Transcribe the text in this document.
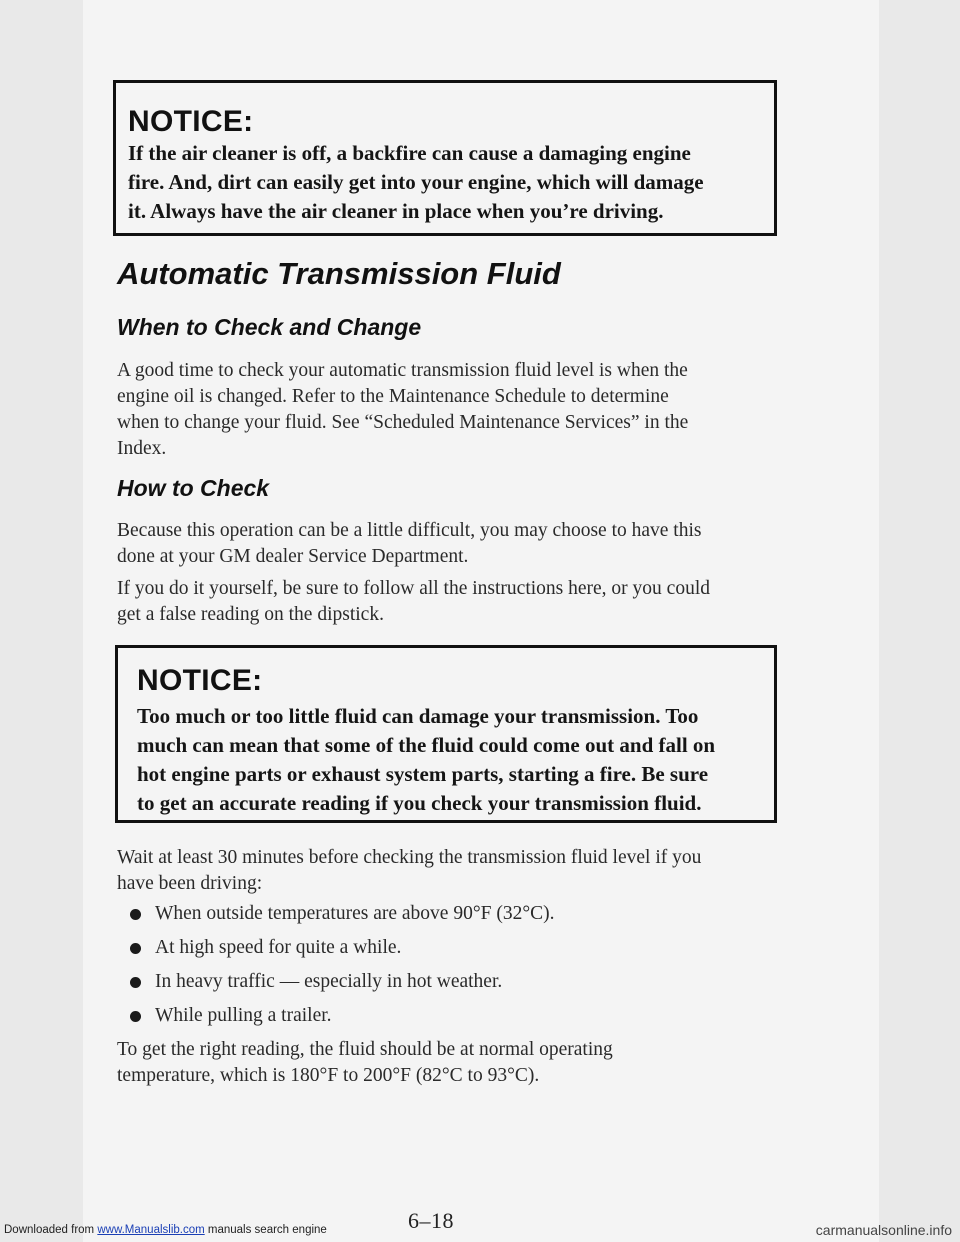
NOTICE:
If the air cleaner is off, a backfire can cause a damaging engine
fire. And, dirt can easily get into your engine, which will damage
it. Always have the air cleaner in place when you’re driving.
Automatic Transmission Fluid
When to Check and Change
A good time to check your automatic transmission fluid level is when the
engine oil is changed. Refer to the Maintenance Schedule to determine
when to change your fluid. See “Scheduled Maintenance Services” in the
Index.
How to Check
Because this operation can be a little difficult, you may choose to have this
done at your GM dealer Service Department.
If you do it yourself, be sure to follow all the instructions here, or you could
get a false reading on the dipstick.
NOTICE:
Too much or too little fluid can damage your transmission. Too
much can mean that some of the fluid could come out and fall on
hot engine parts or exhaust system parts, starting a fire. Be sure
to get an accurate reading if you check your transmission fluid.
Wait at least 30 minutes before checking the transmission fluid level if you
have been driving:
When outside temperatures are above 90°F (32°C).
At high speed for quite a while.
In heavy traffic — especially in hot weather.
While pulling a trailer.
To get the right reading, the fluid should be at normal operating
temperature, which is 180°F to 200°F (82°C to 93°C).
6–18
Downloaded from www.Manualslib.com manuals search engine	carmanualsonline.info
